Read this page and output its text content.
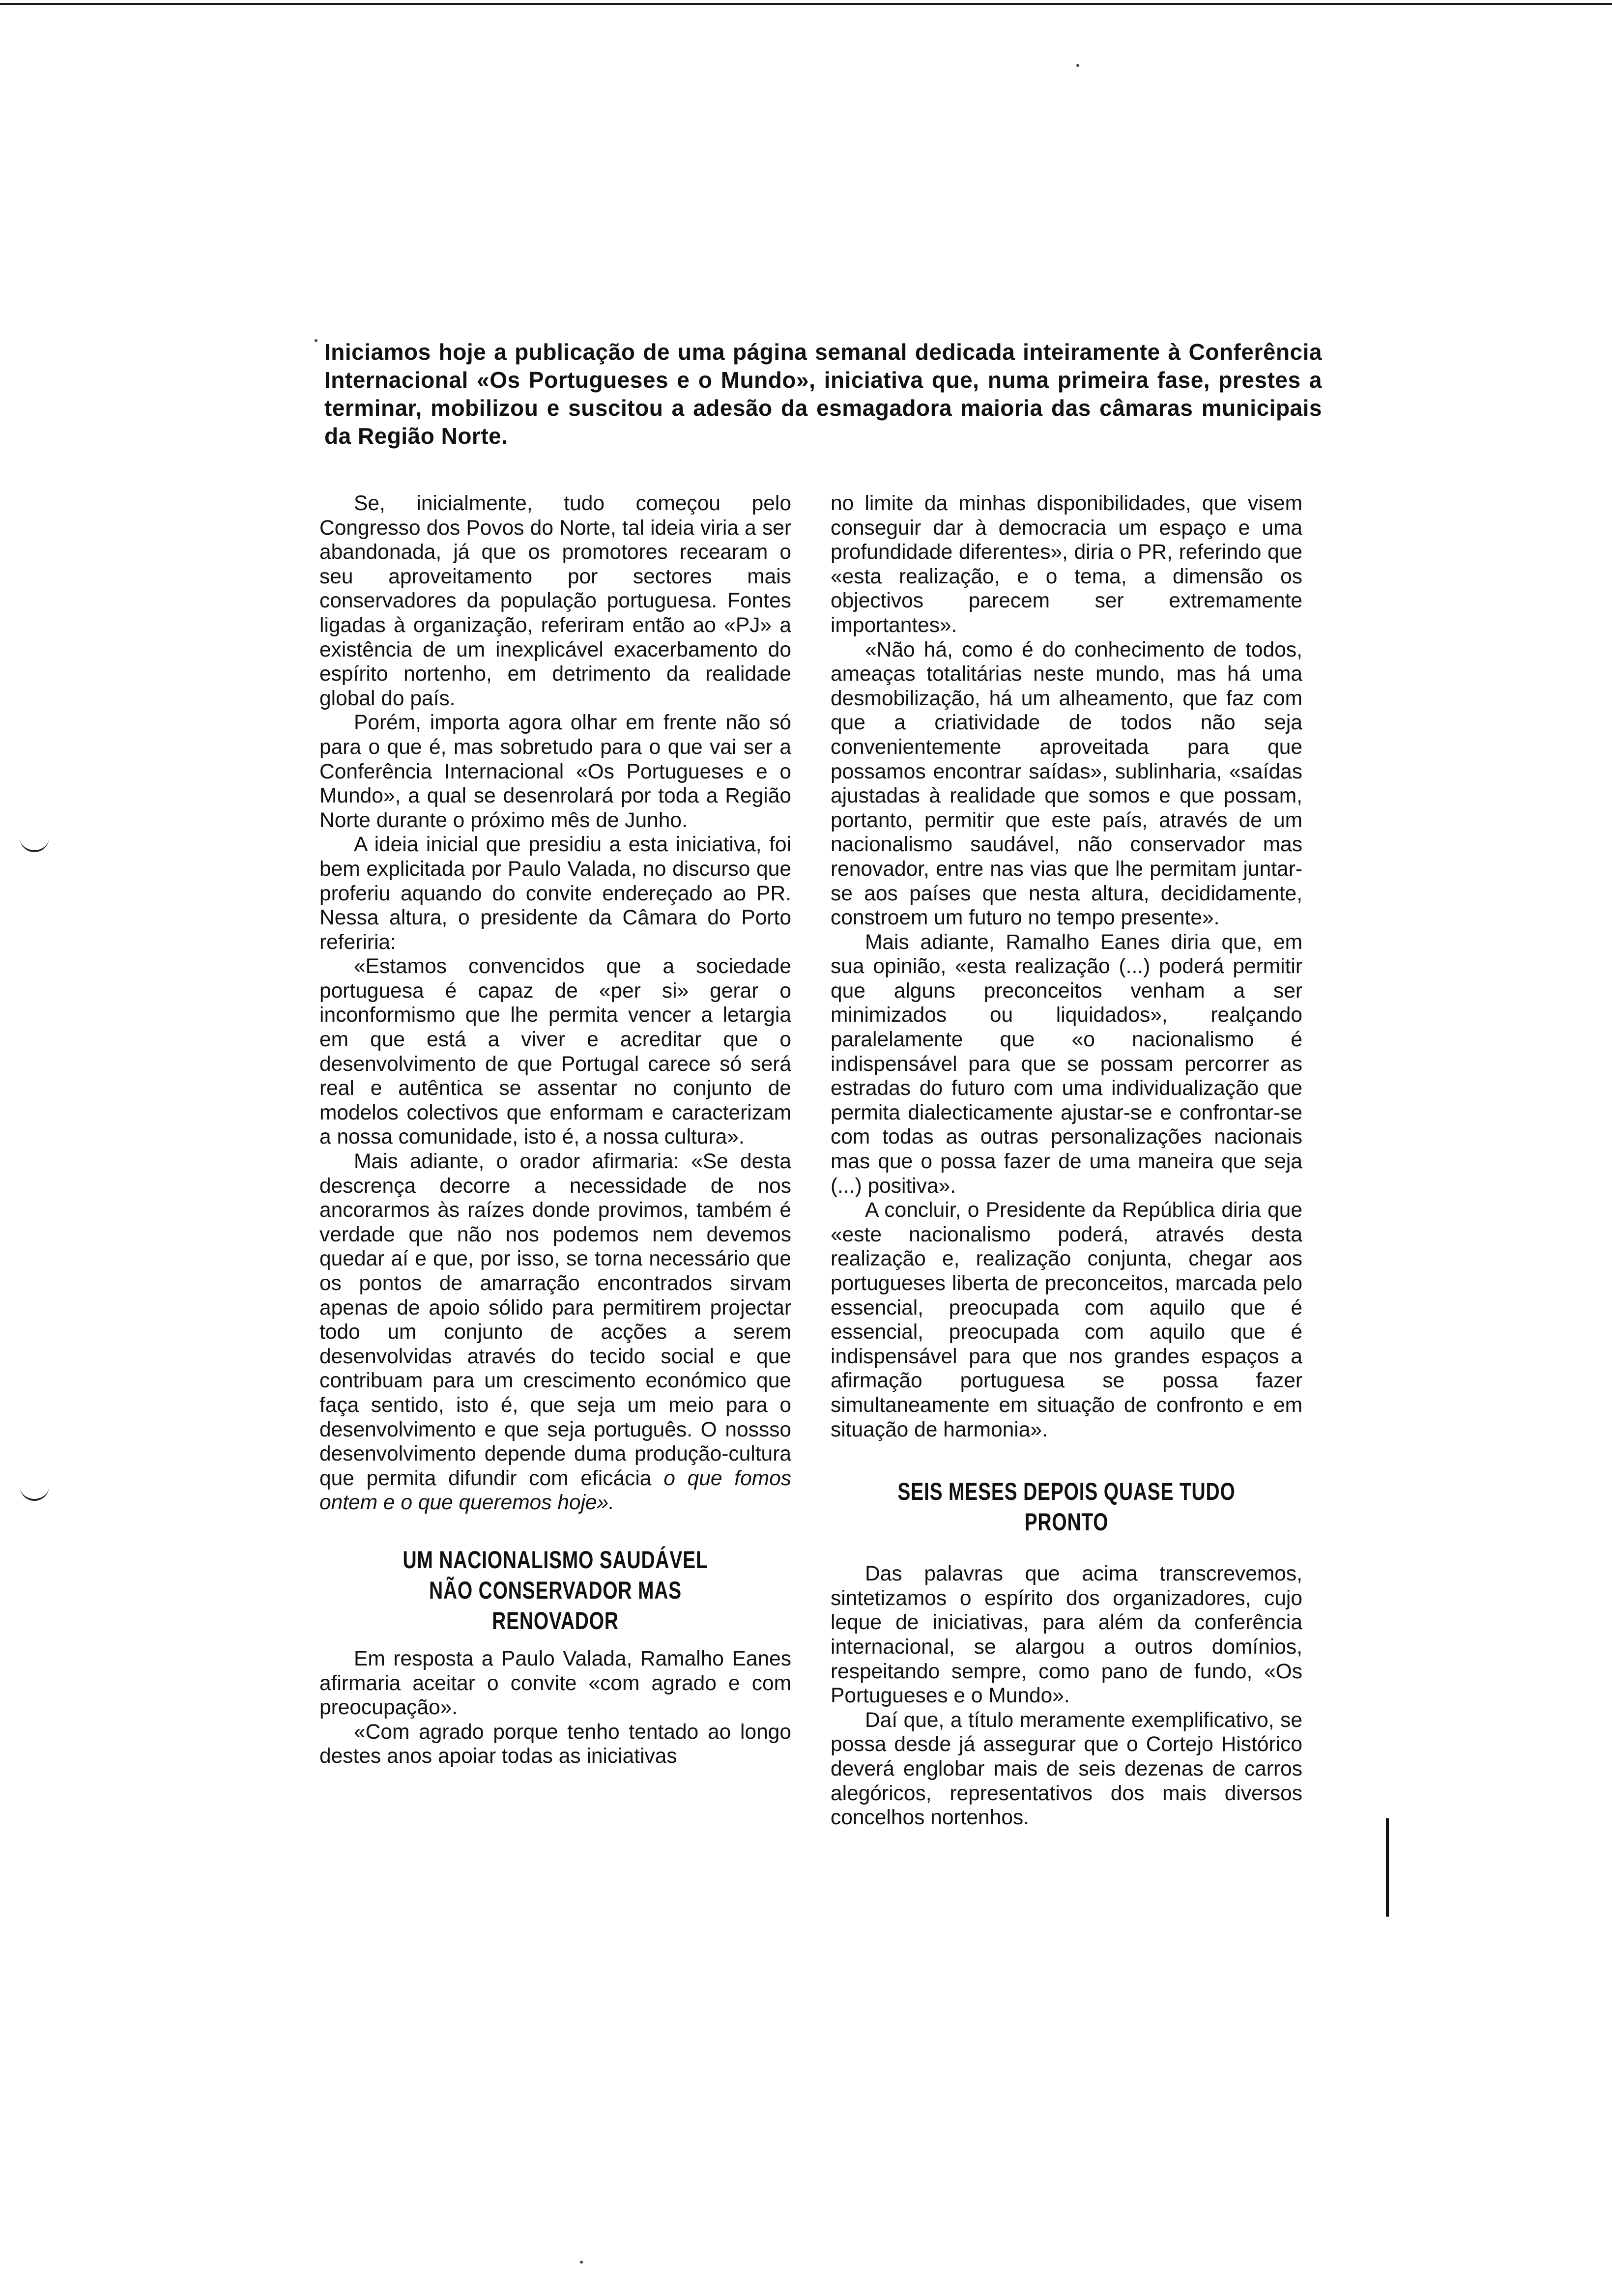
Iniciamos hoje a publicação de uma página semanal dedicada inteiramente à Conferência Internacional «Os Portugueses e o Mundo», iniciativa que, numa primeira fase, prestes a terminar, mobilizou e suscitou a adesão da esmagadora maioria das câmaras municipais da Região Norte.

Se, inicialmente, tudo começou pelo Congresso dos Povos do Norte, tal ideia viria a ser abandonada, já que os promotores recearam o seu aproveitamento por sectores mais conservadores da população portuguesa. Fontes ligadas à organização, referiram então ao «PJ» a existência de um inexplicável exacerbamento do espírito nortenho, em detrimento da realidade global do país.

Porém, importa agora olhar em frente não só para o que é, mas sobretudo para o que vai ser a Conferência Internacional «Os Portugueses e o Mundo», a qual se desenrolará por toda a Região Norte durante o próximo mês de Junho.

A ideia inicial que presidiu a esta iniciativa, foi bem explicitada por Paulo Valada, no discurso que proferiu aquando do convite endereçado ao PR. Nessa altura, o presidente da Câmara do Porto referiria:

«Estamos convencidos que a sociedade portuguesa é capaz de «per si» gerar o inconformismo que lhe permita vencer a letargia em que está a viver e acreditar que o desenvolvimento de que Portugal carece só será real e autêntica se assentar no conjunto de modelos colectivos que enformam e caracterizam a nossa comunidade, isto é, a nossa cultura».

Mais adiante, o orador afirmaria: «Se desta descrença decorre a necessidade de nos ancorarmos às raízes donde provimos, também é verdade que não nos podemos nem devemos quedar aí e que, por isso, se torna necessário que os pontos de amarração encontrados sirvam apenas de apoio sólido para permitirem projectar todo um conjunto de acções a serem desenvolvidas através do tecido social e que contribuam para um crescimento económico que faça sentido, isto é, que seja um meio para o desenvolvimento e que seja português. O nossso desenvolvimento depende duma produção-cultura que permita difundir com eficácia o que fomos ontem e o que queremos hoje».

UM NACIONALISMO SAUDÁVEL
NÃO CONSERVADOR MAS RENOVADOR

Em resposta a Paulo Valada, Ramalho Eanes afirmaria aceitar o convite «com agrado e com preocupação».

«Com agrado porque tenho tentado ao longo destes anos apoiar todas as iniciativas

no limite da minhas disponibilidades, que visem conseguir dar à democracia um espaço e uma profundidade diferentes», diria o PR, referindo que «esta realização, e o tema, a dimensão os objectivos parecem ser extremamente importantes».

«Não há, como é do conhecimento de todos, ameaças totalitárias neste mundo, mas há uma desmobilização, há um alheamento, que faz com que a criatividade de todos não seja convenientemente aproveitada para que possamos encontrar saídas», sublinharia, «saídas ajustadas à realidade que somos e que possam, portanto, permitir que este país, através de um nacionalismo saudável, não conservador mas renovador, entre nas vias que lhe permitam juntar-se aos países que nesta altura, decididamente, constroem um futuro no tempo presente».

Mais adiante, Ramalho Eanes diria que, em sua opinião, «esta realização (...) poderá permitir que alguns preconceitos venham a ser minimizados ou liquidados», realçando paralelamente que «o nacionalismo é indispensável para que se possam percorrer as estradas do futuro com uma individualização que permita dialecticamente ajustar-se e confrontar-se com todas as outras personalizações nacionais mas que o possa fazer de uma maneira que seja (...) positiva».

A concluir, o Presidente da República diria que «este nacionalismo poderá, através desta realização e, realização conjunta, chegar aos portugueses liberta de preconceitos, marcada pelo essencial, preocupada com aquilo que é essencial, preocupada com aquilo que é indispensável para que nos grandes espaços a afirmação portuguesa se possa fazer simultaneamente em situação de confronto e em situação de harmonia».

SEIS MESES DEPOIS QUASE TUDO PRONTO

Das palavras que acima transcrevemos, sintetizamos o espírito dos organizadores, cujo leque de iniciativas, para além da conferência internacional, se alargou a outros domínios, respeitando sempre, como pano de fundo, «Os Portugueses e o Mundo».

Daí que, a título meramente exemplificativo, se possa desde já assegurar que o Cortejo Histórico deverá englobar mais de seis dezenas de carros alegóricos, representativos dos mais diversos concelhos nortenhos.
